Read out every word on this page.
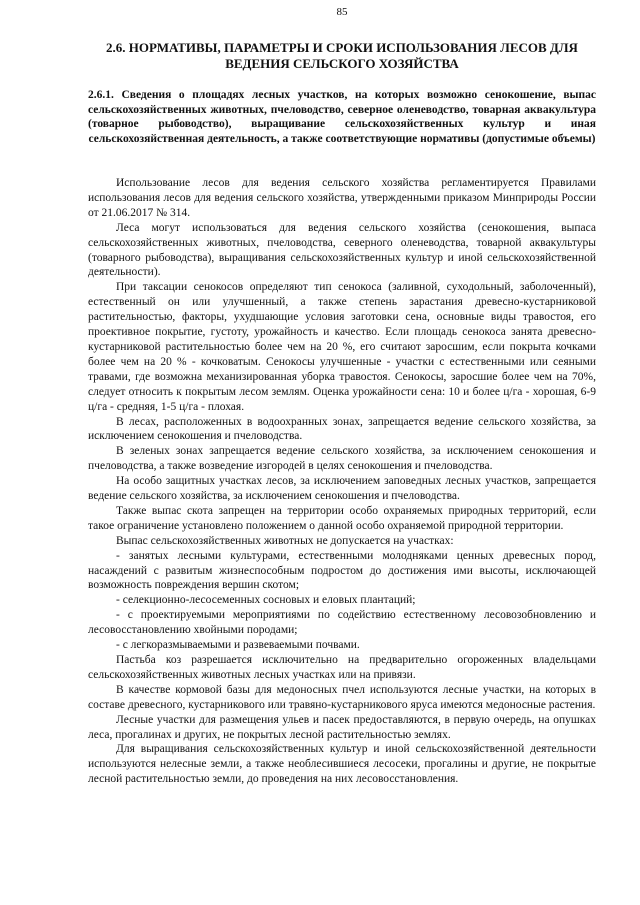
85
2.6. НОРМАТИВЫ, ПАРАМЕТРЫ И СРОКИ ИСПОЛЬЗОВАНИЯ ЛЕСОВ ДЛЯ ВЕДЕНИЯ СЕЛЬСКОГО ХОЗЯЙСТВА
2.6.1. Сведения о площадях лесных участков, на которых возможно сенокошение, выпас сельскохозяйственных животных, пчеловодство, северное оленеводство, товарная аквакультура (товарное рыбоводство), выращивание сельскохозяйственных культур и иная сельскохозяйственная деятельность, а также соответствующие нормативы (допустимые объемы)

Использование лесов для ведения сельского хозяйства регламентируется Правилами использования лесов для ведения сельского хозяйства, утвержденными приказом Минприроды России от 21.06.2017 № 314.

Леса могут использоваться для ведения сельского хозяйства (сенокошения, выпаса сельскохозяйственных животных, пчеловодства, северного оленеводства, товарной аквакультуры (товарного рыбоводства), выращивания сельскохозяйственных культур и иной сельскохозяйственной деятельности).

При таксации сенокосов определяют тип сенокоса (заливной, суходольный, заболоченный), естественный он или улучшенный, а также степень зарастания древесно-кустарниковой растительностью, факторы, ухудшающие условия заготовки сена, основные виды травостоя, его проективное покрытие, густоту, урожайность и качество. Если площадь сенокоса занята древесно-кустарниковой растительностью более чем на 20 %, его считают заросшим, если покрыта кочками более чем на 20 % - кочковатым. Сенокосы улучшенные - участки с естественными или сеяными травами, где возможна механизированная уборка травостоя. Сенокосы, заросшие более чем на 70%, следует относить к покрытым лесом землям. Оценка урожайности сена: 10 и более ц/га - хорошая, 6-9 ц/га - средняя, 1-5 ц/га - плохая.

В лесах, расположенных в водоохранных зонах, запрещается ведение сельского хозяйства, за исключением сенокошения и пчеловодства.

В зеленых зонах запрещается ведение сельского хозяйства, за исключением сенокошения и пчеловодства, а также возведение изгородей в целях сенокошения и пчеловодства.

На особо защитных участках лесов, за исключением заповедных лесных участков, запрещается ведение сельского хозяйства, за исключением сенокошения и пчеловодства.

Также выпас скота запрещен на территории особо охраняемых природных территорий, если такое ограничение установлено положением о данной особо охраняемой природной территории.

Выпас сельскохозяйственных животных не допускается на участках:

- занятых лесными культурами, естественными молодняками ценных древесных пород, насаждений с развитым жизнеспособным подростом до достижения ими высоты, исключающей возможность повреждения вершин скотом;

- селекционно-лесосеменных сосновых и еловых плантаций;

- с проектируемыми мероприятиями по содействию естественному лесовозобновлению и лесовосстановлению хвойными породами;

- с легкоразмываемыми и развеваемыми почвами.

Пастьба коз разрешается исключительно на предварительно огороженных владельцами сельскохозяйственных животных лесных участках или на привязи.

В качестве кормовой базы для медоносных пчел используются лесные участки, на которых в составе древесного, кустарникового или травяно-кустарникового яруса имеются медоносные растения.

Лесные участки для размещения ульев и пасек предоставляются, в первую очередь, на опушках леса, прогалинах и других, не покрытых лесной растительностью землях.

Для выращивания сельскохозяйственных культур и иной сельскохозяйственной деятельности используются нелесные земли, а также необлесившиеся лесосеки, прогалины и другие, не покрытые лесной растительностью земли, до проведения на них лесовосстановления.
